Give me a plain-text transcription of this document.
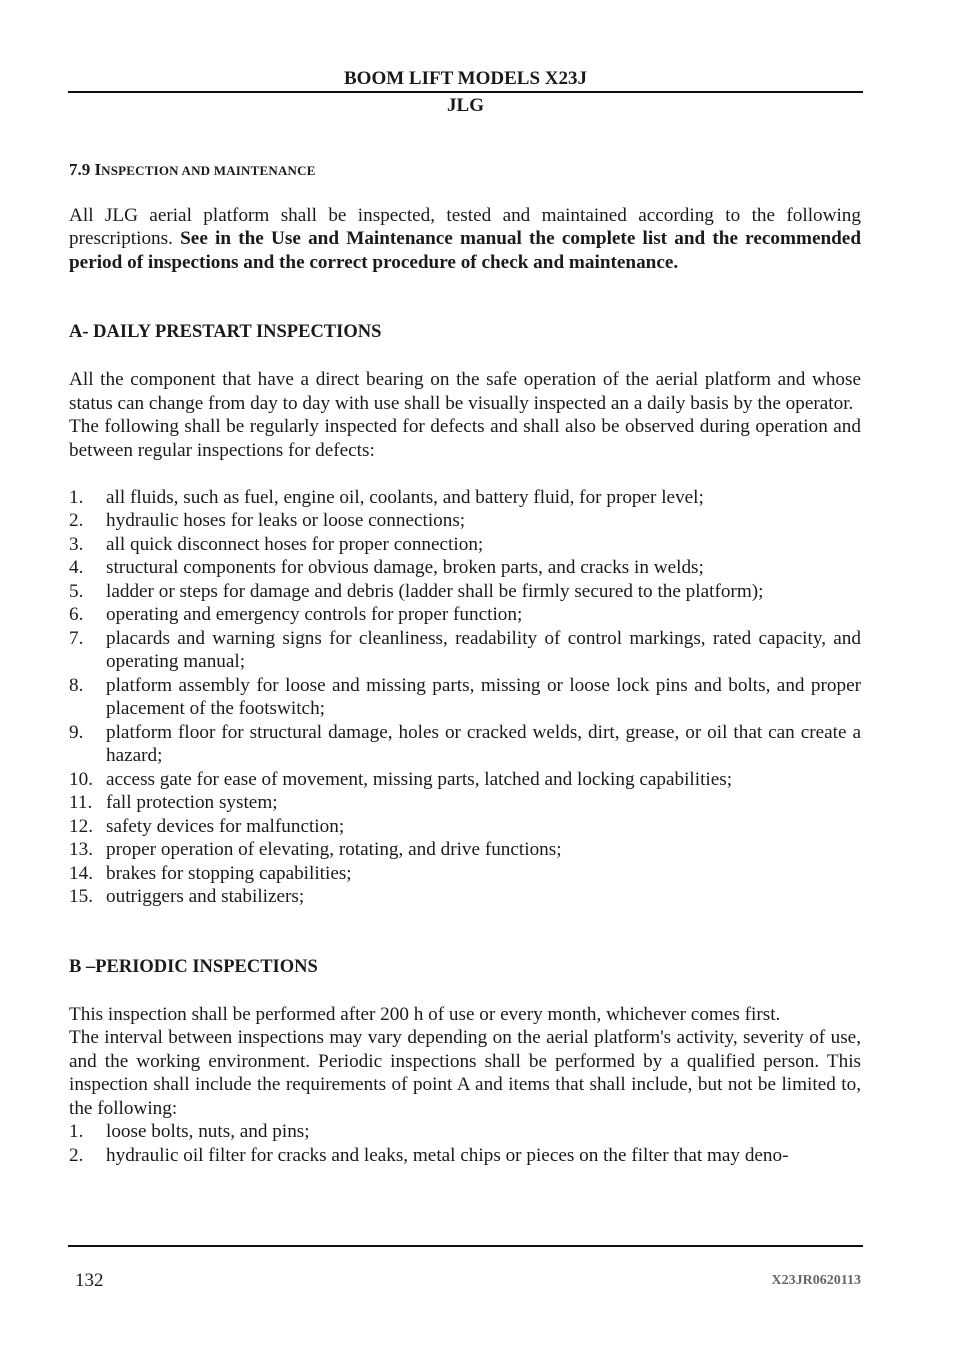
BOOM LIFT MODELS X23J
JLG
7.9 INSPECTION AND MAINTENANCE

All JLG aerial platform shall be inspected, tested and maintained according to the following prescriptions. See in the Use and Maintenance manual the complete list and the recommended period of inspections and the correct procedure of check and maintenance.

A- DAILY PRESTART INSPECTIONS

All the component that have a direct bearing on the safe operation of the aerial platform and whose status can change from day to day with use shall be visually inspected an a daily basis by the operator.

The following shall be regularly inspected for defects and shall also be observed during operation and between regular inspections for defects:

1. all fluids, such as fuel, engine oil, coolants, and battery fluid, for proper level;
2. hydraulic hoses for leaks or loose connections;
3. all quick disconnect hoses for proper connection;
4. structural components for obvious damage, broken parts, and cracks in welds;
5. ladder or steps for damage and debris (ladder shall be firmly secured to the platform);
6. operating and emergency controls for proper function;
7. placards and warning signs for cleanliness, readability of control markings, rated capacity, and operating manual;
8. platform assembly for loose and missing parts, missing or loose lock pins and bolts, and proper placement of the footswitch;
9. platform floor for structural damage, holes or cracked welds, dirt, grease, or oil that can create a hazard;
10. access gate for ease of movement, missing parts, latched and locking capabilities;
11. fall protection system;
12. safety devices for malfunction;
13. proper operation of elevating, rotating, and drive functions;
14. brakes for stopping capabilities;
15. outriggers and stabilizers;

B –PERIODIC INSPECTIONS

This inspection shall be performed after 200 h of use or every month, whichever comes first.

The interval between inspections may vary depending on the aerial platform's activity, severity of use, and the working environment. Periodic inspections shall be performed by a qualified person. This inspection shall include the requirements of point A and items that shall include, but not be limited to, the following:

1. loose bolts, nuts, and pins;
2. hydraulic oil filter for cracks and leaks, metal chips or pieces on the filter that may deno-
132	X23JR0620113
